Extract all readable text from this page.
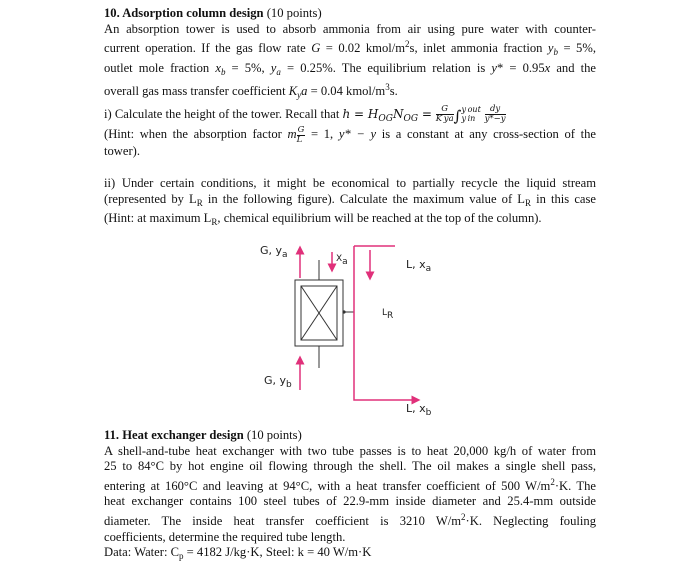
10. Adsorption column design (10 points)
An absorption tower is used to absorb ammonia from air using pure water with counter-
current operation. If the gas flow rate G = 0.02 kmol/$m^2s$, inlet ammonia fraction $y_b = 5\%$,
outlet mole fraction $x_b = 5\%$, $y_a = 0.25\%$. The equilibrium relation is y* = 0.95x and the
overall gas mass transfer coefficient $K_ya = 0.04$ kmol/$m^3s$.
i) Calculate the height of the tower. Recall that $h = H_{OG}N_{OG} = \frac{G}{\text{K ya}}$ ∫ y out
y in
	$\frac{dy}{y*-y}$
(Hint: when the absorption factor m $\frac{G}{L} = 1$, y* − y is a constant at any cross-section of the
tower).
ii) Under certain conditions, it might be economical to partially recycle the liquid stream
(represented by $L_R$ in the following figure). Calculate the maximum value of $L_R$ in this case
(Hint: at maximum $L_R$, chemical equilibrium will be reached at the top of the column).
G, $y_a$	Xa	L, $x_a$
LR
G, $y_b$
L, $x_b$
11. Heat exchanger design (10 points)
A shell-and-tube heat exchanger with two tube passes is to heat 20,000 kg/h of water from
25 to 84°C by hot engine oil flowing through the shell. The oil makes a single shell pass,
entering at 160°C and leaving at 94°C, with a heat transfer coefficient of 500 $W/m^2\cdot K$. The
heat exchanger contains 100 steel tubes of 22.9-mm inside diameter and 25.4-mm outside
diameter. The inside heat transfer coefficient is 3210 $W/m^2\cdot K$. Neglecting fouling
coefficients, determine the required tube length.
Data: Water: $C_p = 4182$ J/kg·K, Steel: k = 40 W/m·K
